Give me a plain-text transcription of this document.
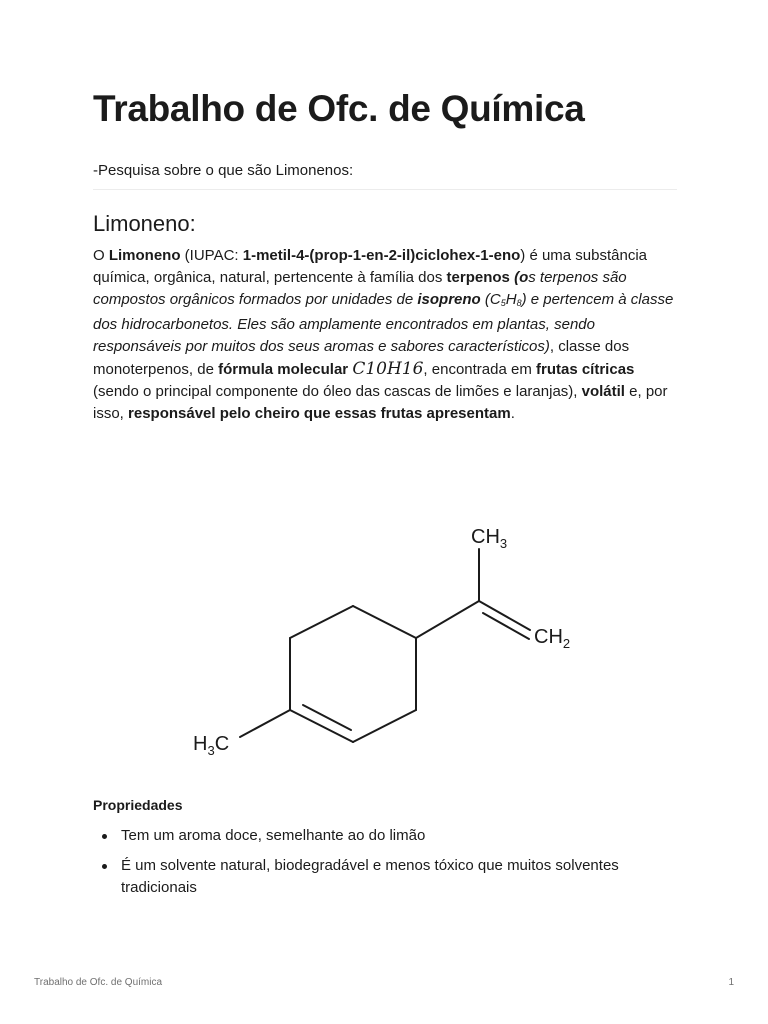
Trabalho de Ofc. de Química
-Pesquisa sobre o que são Limonenos:
Limoneno:

O Limoneno (IUPAC: 1-metil-4-(prop-1-en-2-il)ciclohex-1-eno) é uma substância química, orgânica, natural, pertencente à família dos terpenos (os terpenos são compostos orgânicos formados por unidades de isopreno $(C_5H_8)$ e pertencem à classe dos hidrocarbonetos. Eles são amplamente encontrados em plantas, sendo responsáveis por muitos dos seus aromas e sabores característicos), classe dos monoterpenos, de fórmula molecular C10H16, encontrada em frutas cítricas (sendo o principal componente do óleo das cascas de limões e laranjas), volátil e, por isso, responsável pelo cheiro que essas frutas apresentam.

Propriedades
Tem um aroma doce, semelhante ao do limão
É um solvente natural, biodegradável e menos tóxico que muitos solventes tradicionais
$CH_3$
$CH_2$
$H_3C$
Trabalho de Ofc. de Química	1
